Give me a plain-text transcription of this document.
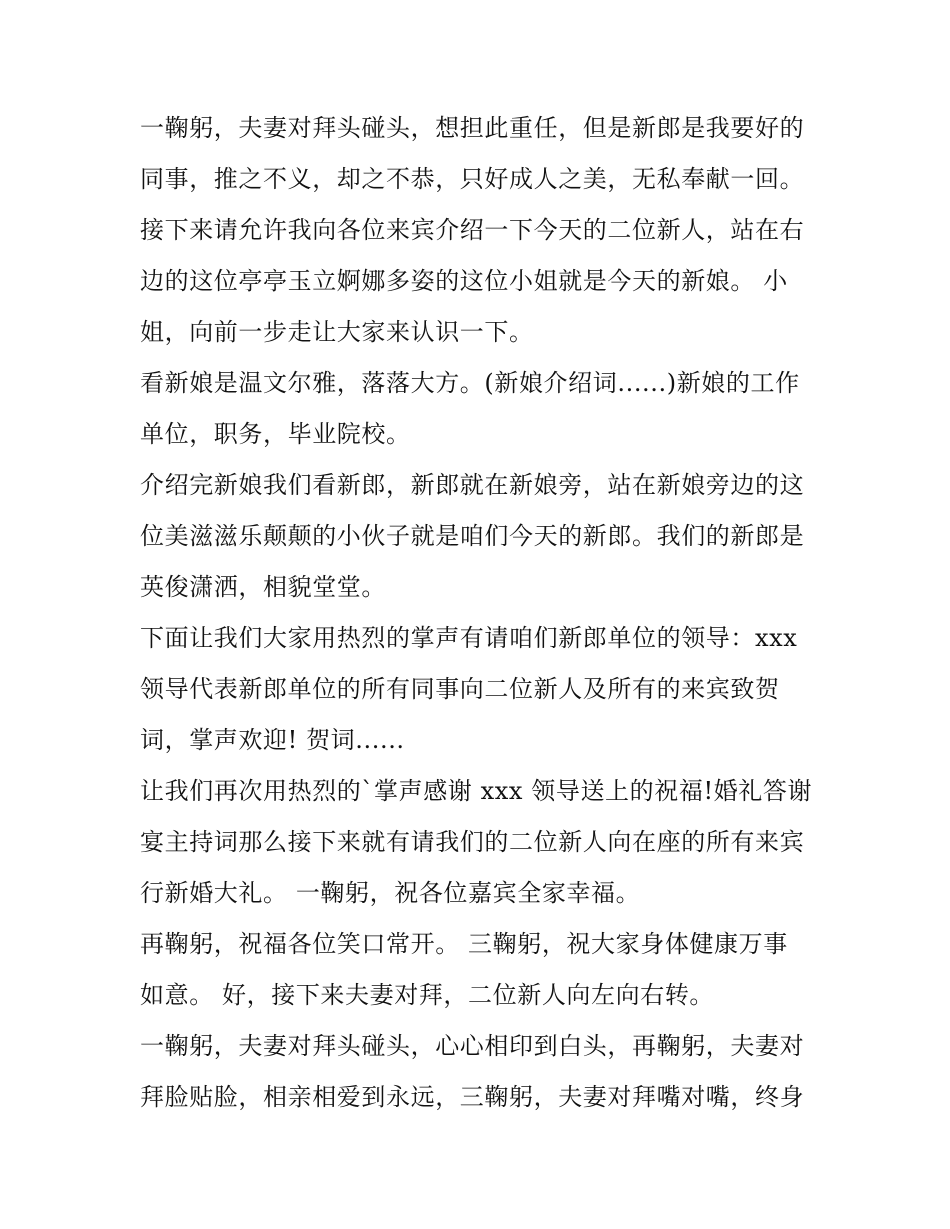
一鞠躬，夫妻对拜头碰头，想担此重任，但是新郎是我要好的
同事，推之不义，却之不恭，只好成人之美，无私奉献一回。
接下来请允许我向各位来宾介绍一下今天的二位新人，站在右
边的这位亭亭玉立婀娜多姿的这位小姐就是今天的新娘。 小
姐，向前一步走让大家来认识一下。
看新娘是温文尔雅，落落大方。(新娘介绍词......)新娘的工作
单位，职务，毕业院校。
介绍完新娘我们看新郎，新郎就在新娘旁，站在新娘旁边的这
位美滋滋乐颠颠的小伙子就是咱们今天的新郎。我们的新郎是
英俊潇洒，相貌堂堂。
下面让我们大家用热烈的掌声有请咱们新郎单位的领导：xxx
领导代表新郎单位的所有同事向二位新人及所有的来宾致贺
词，掌声欢迎! 贺词......
让我们再次用热烈的`掌声感谢 xxx 领导送上的祝福!婚礼答谢
宴主持词那么接下来就有请我们的二位新人向在座的所有来宾
行新婚大礼。 一鞠躬，祝各位嘉宾全家幸福。
再鞠躬，祝福各位笑口常开。 三鞠躬，祝大家身体健康万事
如意。 好，接下来夫妻对拜，二位新人向左向右转。
一鞠躬，夫妻对拜头碰头，心心相印到白头，再鞠躬，夫妻对
拜脸贴脸，相亲相爱到永远，三鞠躬，夫妻对拜嘴对嘴，终身
